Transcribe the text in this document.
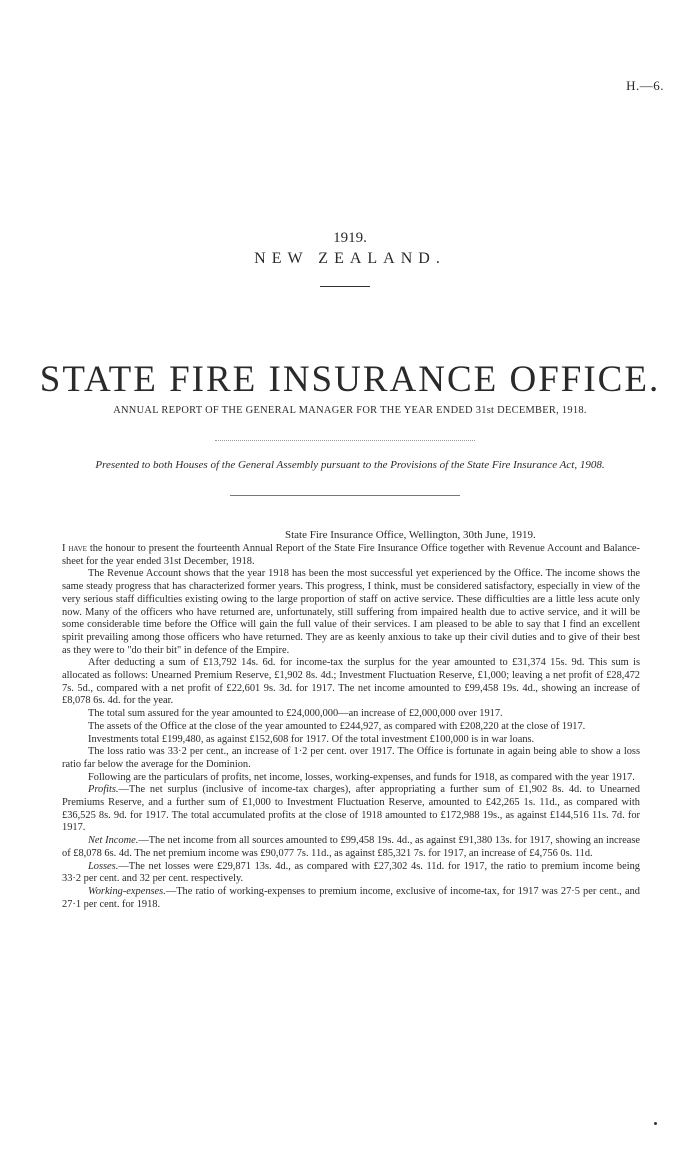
H.—6.
1919.
NEW ZEALAND.
STATE FIRE INSURANCE OFFICE.
ANNUAL REPORT OF THE GENERAL MANAGER FOR THE YEAR ENDED 31st DECEMBER, 1918.
Presented to both Houses of the General Assembly pursuant to the Provisions of the State Fire Insurance Act, 1908.
State Fire Insurance Office, Wellington, 30th June, 1919.

I have the honour to present the fourteenth Annual Report of the State Fire Insurance Office together with Revenue Account and Balance-sheet for the year ended 31st December, 1918.

The Revenue Account shows that the year 1918 has been the most successful yet experienced by the Office. The income shows the same steady progress that has characterized former years. This progress, I think, must be considered satisfactory, especially in view of the very serious staff difficulties existing owing to the large proportion of staff on active service. These difficulties are a little less acute only now. Many of the officers who have returned are, unfortunately, still suffering from impaired health due to active service, and it will be some considerable time before the Office will gain the full value of their services. I am pleased to be able to say that I find an excellent spirit prevailing among those officers who have returned. They are as keenly anxious to take up their civil duties and to give of their best as they were to "do their bit" in defence of the Empire.

After deducting a sum of £13,792 14s. 6d. for income-tax the surplus for the year amounted to £31,374 15s. 9d. This sum is allocated as follows: Unearned Premium Reserve, £1,902 8s. 4d.; Investment Fluctuation Reserve, £1,000; leaving a net profit of £28,472 7s. 5d., compared with a net profit of £22,601 9s. 3d. for 1917. The net income amounted to £99,458 19s. 4d., showing an increase of £8,078 6s. 4d. for the year.

The total sum assured for the year amounted to £24,000,000—an increase of £2,000,000 over 1917.

The assets of the Office at the close of the year amounted to £244,927, as compared with £208,220 at the close of 1917.

Investments total £199,480, as against £152,608 for 1917. Of the total investment £100,000 is in war loans.

The loss ratio was 33·2 per cent., an increase of 1·2 per cent. over 1917. The Office is fortunate in again being able to show a loss ratio far below the average for the Dominion.

Following are the particulars of profits, net income, losses, working-expenses, and funds for 1918, as compared with the year 1917.

Profits.—The net surplus (inclusive of income-tax charges), after appropriating a further sum of £1,902 8s. 4d. to Unearned Premiums Reserve, and a further sum of £1,000 to Investment Fluctuation Reserve, amounted to £42,265 1s. 11d., as compared with £36,525 8s. 9d. for 1917. The total accumulated profits at the close of 1918 amounted to £172,988 19s., as against £144,516 11s. 7d. for 1917.

Net Income.—The net income from all sources amounted to £99,458 19s. 4d., as against £91,380 13s. for 1917, showing an increase of £8,078 6s. 4d. The net premium income was £90,077 7s. 11d., as against £85,321 7s. for 1917, an increase of £4,756 0s. 11d.

Losses.—The net losses were £29,871 13s. 4d., as compared with £27,302 4s. 11d. for 1917, the ratio to premium income being 33·2 per cent. and 32 per cent. respectively.

Working-expenses.—The ratio of working-expenses to premium income, exclusive of income-tax, for 1917 was 27·5 per cent., and 27·1 per cent. for 1918.
